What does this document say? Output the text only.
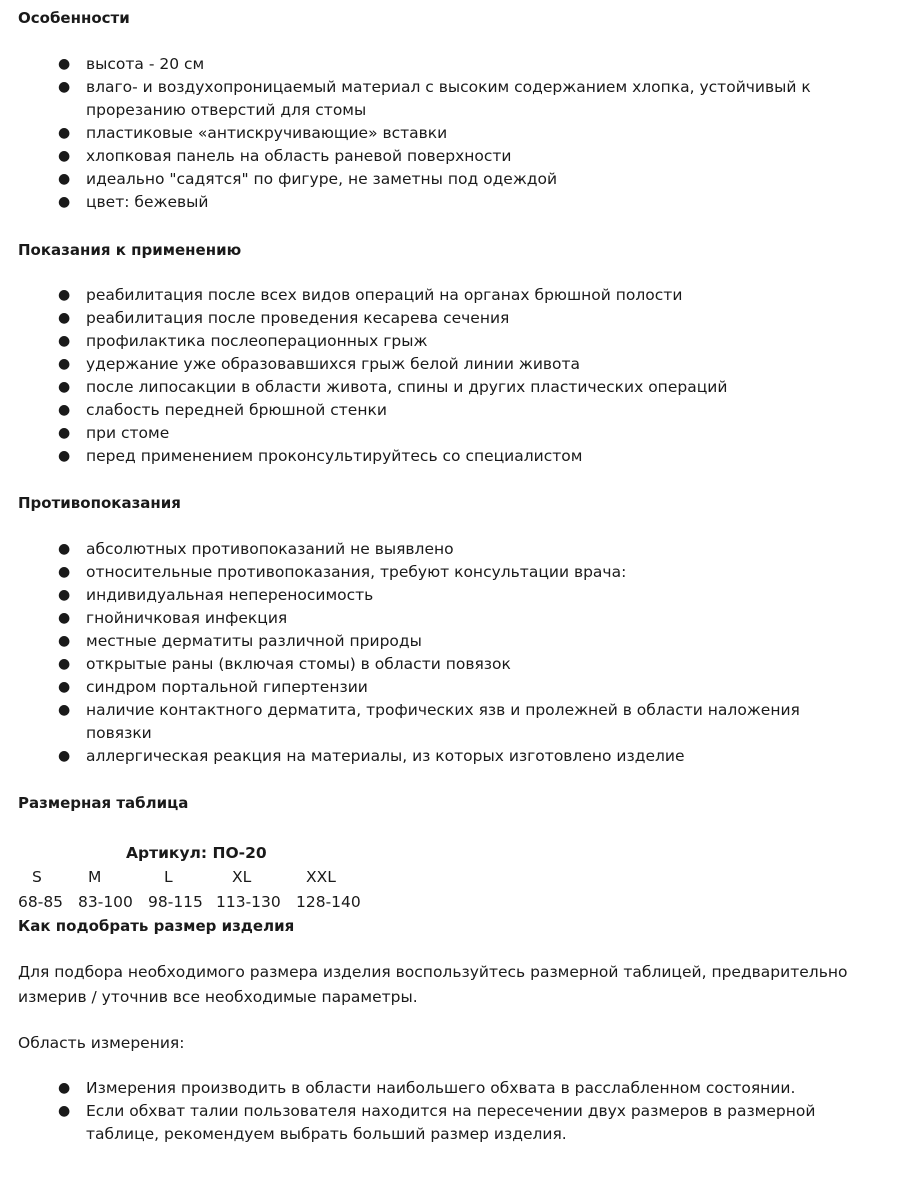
Особенности
● высота - 20 см
● влаго- и воздухопроницаемый материал с высоким содержанием хлопка, устойчивый к прорезанию отверстий для стомы
● пластиковые «антискручивающие» вставки
● хлопковая панель на область раневой поверхности
● идеально "садятся" по фигуре, не заметны под одеждой
● цвет: бежевый
Показания к применению
● реабилитация после всех видов операций на органах брюшной полости
● реабилитация после проведения кесарева сечения
● профилактика послеоперационных грыж
● удержание уже образовавшихся грыж белой линии живота
● после липосакции в области живота, спины и других пластических операций
● слабость передней брюшной стенки
● при стоме
● перед применением проконсультируйтесь со специалистом
Противопоказания
● абсолютных противопоказаний не выявлено
● относительные противопоказания, требуют консультации врача:
● индивидуальная непереносимость
● гнойничковая инфекция
● местные дерматиты различной природы
● открытые раны (включая стомы) в области повязок
● синдром портальной гипертензии
● наличие контактного дерматита, трофических язв и пролежней в области наложения повязки
● аллергическая реакция на материалы, из которых изготовлено изделие
Размерная таблица
Артикул: ПО-20
S	M	L	XL	XXL
68-85 83-100 98-115 113-130 128-140
Как подобрать размер изделия

Для подбора необходимого размера изделия воспользуйтесь размерной таблицей, предварительно измерив / уточнив все необходимые параметры.

Область измерения:

● Измерения производить в области наибольшего обхвата в расслабленном состоянии.
● Если обхват талии пользователя находится на пересечении двух размеров в размерной таблице, рекомендуем выбрать больший размер изделия.
